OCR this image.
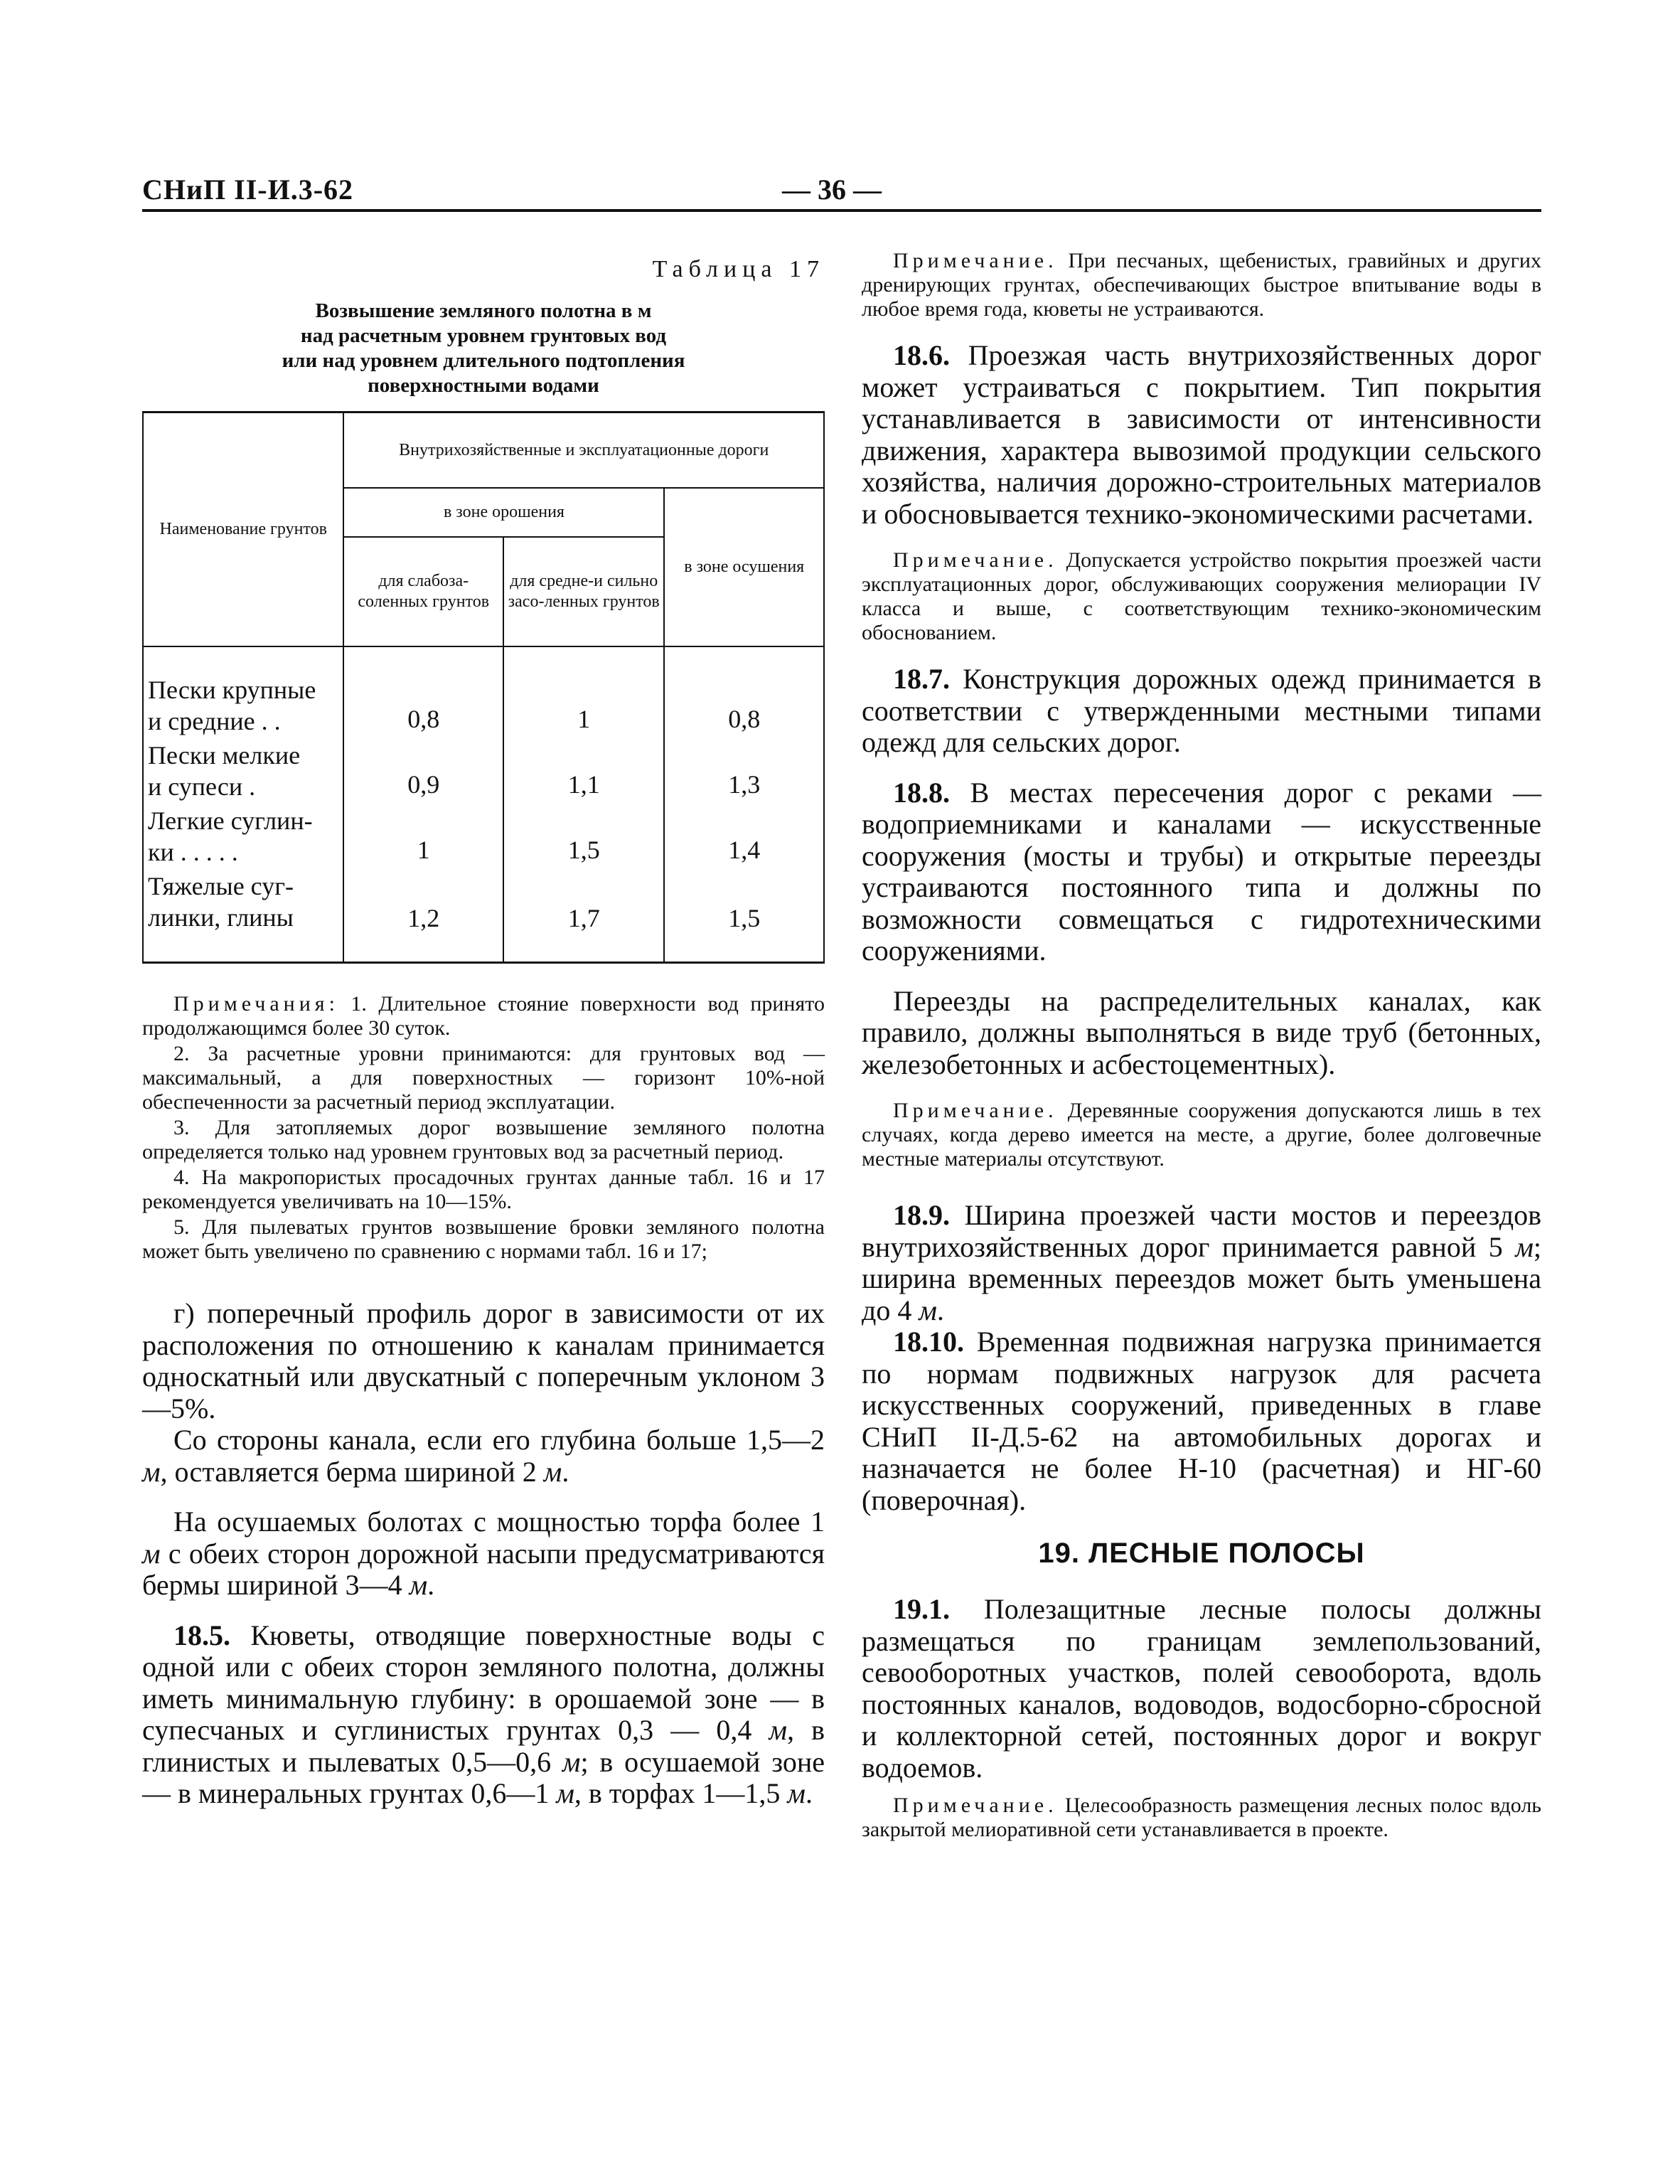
СНиП II-И.3-62	— 36 —

Таблица 17

Возвышение земляного полотна в м
над расчетным уровнем грунтовых вод
или над уровнем длительного подтопления
поверхностными водами
Наименование грунтов	Внутрихозяйственные и эксплуатационные дороги		
	в зоне орошения		в зоне осушения
	для слабоза-соленных грунтов	для средне-и сильно засо-ленных грунтов	

Пески крупные
и средние . .	0,8	1	0,8

Пески мелкие
и супеси .	0,9	1,1	1,3

Легкие суглин-
ки . . . . .	1	1,5	1,4

Тяжелые суг-
линки, глины	1,2	1,7	1,5

Примечания: 1. Длительное стояние поверхности вод принято продолжающимся более 30 суток.

2. За расчетные уровни принимаются: для грунтовых вод — максимальный, а для поверхностных — горизонт 10%-ной обеспеченности за расчетный период эксплуатации.

3. Для затопляемых дорог возвышение земляного полотна определяется только над уровнем грунтовых вод за расчетный период.

4. На макропористых просадочных грунтах данные табл. 16 и 17 рекомендуется увеличивать на 10—15%.

5. Для пылеватых грунтов возвышение бровки земляного полотна может быть увеличено по сравнению с нормами табл. 16 и 17;

г) поперечный профиль дорог в зависимости от их расположения по отношению к каналам принимается односкатный или двускатный с поперечным уклоном 3—5%.

Со стороны канала, если его глубина больше 1,5—2 м, оставляется берма шириной 2 м.

На осушаемых болотах с мощностью торфа более 1 м с обеих сторон дорожной насыпи предусматриваются бермы шириной 3—4 м.

18.5. Кюветы, отводящие поверхностные воды с одной или с обеих сторон земляного полотна, должны иметь минимальную глубину: в орошаемой зоне — в супесчаных и суглинистых грунтах 0,3 — 0,4 м, в глинистых и пылеватых 0,5—0,6 м; в осушаемой зоне — в минеральных грунтах 0,6—1 м, в торфах 1—1,5 м.

Примечание. При песчаных, щебенистых, гравийных и других дренирующих грунтах, обеспечивающих быстрое впитывание воды в любое время года, кюветы не устраиваются.

18.6. Проезжая часть внутрихозяйственных дорог может устраиваться с покрытием. Тип покрытия устанавливается в зависимости от интенсивности движения, характера вывозимой продукции сельского хозяйства, наличия дорожно-строительных материалов и обосновывается технико-экономическими расчетами.

Примечание. Допускается устройство покрытия проезжей части эксплуатационных дорог, обслуживающих сооружения мелиорации IV класса и выше, с соответствующим технико-экономическим обоснованием.

18.7. Конструкция дорожных одежд принимается в соответствии с утвержденными местными типами одежд для сельских дорог.

18.8. В местах пересечения дорог с реками — водоприемниками и каналами — искусственные сооружения (мосты и трубы) и открытые переезды устраиваются постоянного типа и должны по возможности совмещаться с гидротехническими сооружениями.

Переезды на распределительных каналах, как правило, должны выполняться в виде труб (бетонных, железобетонных и асбестоцементных).

Примечание. Деревянные сооружения допускаются лишь в тех случаях, когда дерево имеется на месте, а другие, более долговечные местные материалы отсутствуют.

18.9. Ширина проезжей части мостов и переездов внутрихозяйственных дорог принимается равной 5 м; ширина временных переездов может быть уменьшена до 4 м.

18.10. Временная подвижная нагрузка принимается по нормам подвижных нагрузок для расчета искусственных сооружений, приведенных в главе СНиП II-Д.5-62 на автомобильных дорогах и назначается не более Н-10 (расчетная) и НГ-60 (поверочная).

19. ЛЕСНЫЕ ПОЛОСЫ

19.1. Полезащитные лесные полосы должны размещаться по границам землепользований, севооборотных участков, полей севооборота, вдоль постоянных каналов, водоводов, водосборно-сбросной и коллекторной сетей, постоянных дорог и вокруг водоемов.

Примечание. Целесообразность размещения лесных полос вдоль закрытой мелиоративной сети устанавливается в проекте.
